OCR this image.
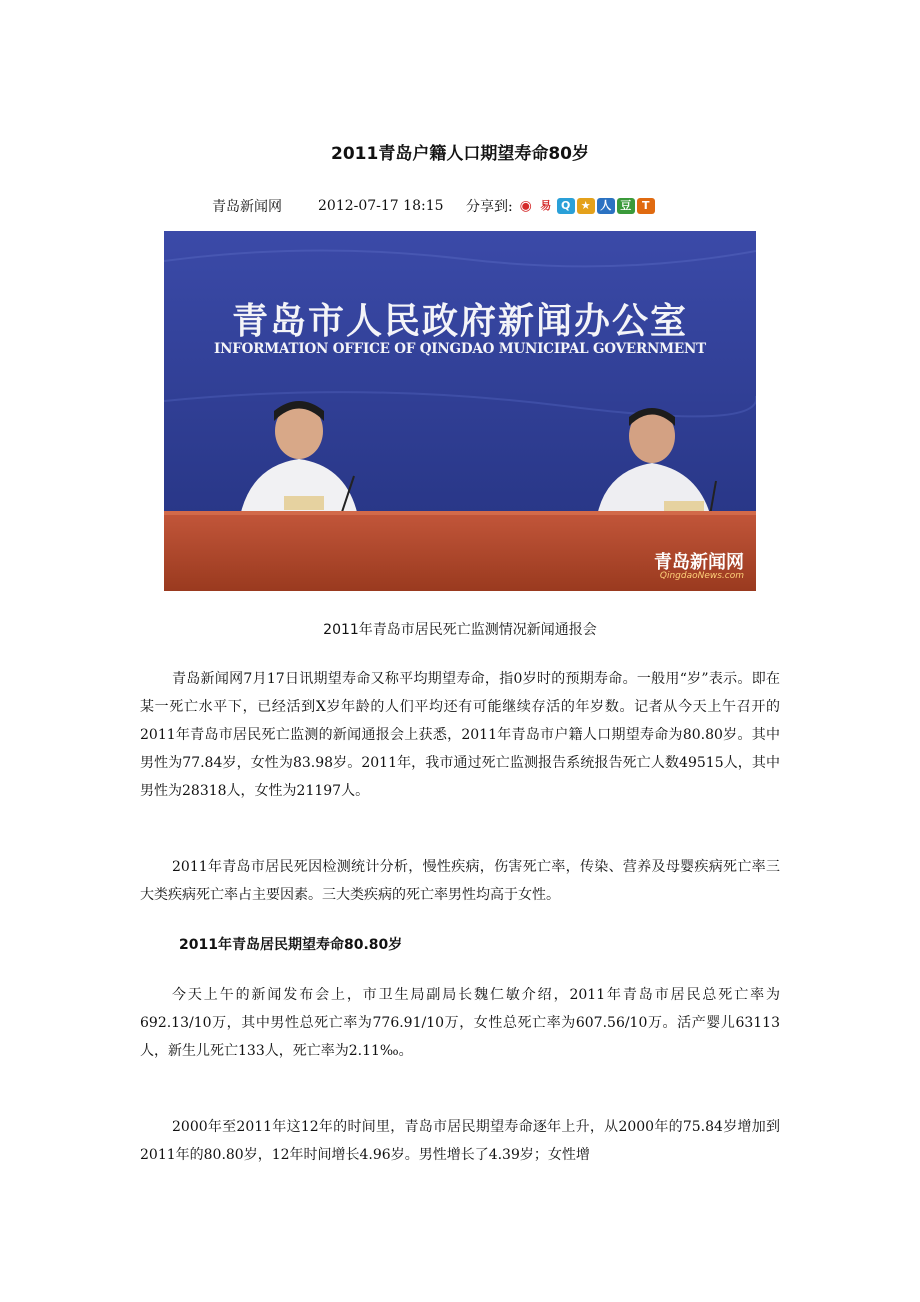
2011青岛户籍人口期望寿命80岁
青岛新闻网	2012-07-17 18:15	分享到: ◉ 易 Q ★ 人 豆 T
青岛市人民政府新闻办公室
INFORMATION OFFICE OF QINGDAO MUNICIPAL GOVERNMENT
青岛新闻网
QingdaoNews.com
2011年青岛市居民死亡监测情况新闻通报会

青岛新闻网7月17日讯期望寿命又称平均期望寿命，指0岁时的预期寿命。一般用“岁”表示。即在某一死亡水平下，已经活到X岁年龄的人们平均还有可能继续存活的年岁数。记者从今天上午召开的2011年青岛市居民死亡监测的新闻通报会上获悉，2011年青岛市户籍人口期望寿命为80.80岁。其中男性为77.84岁，女性为83.98岁。2011年，我市通过死亡监测报告系统报告死亡人数49515人，其中男性为28318人，女性为21197人。

2011年青岛市居民死因检测统计分析，慢性疾病，伤害死亡率，传染、营养及母婴疾病死亡率三大类疾病死亡率占主要因素。三大类疾病的死亡率男性均高于女性。

2011年青岛居民期望寿命80.80岁

今天上午的新闻发布会上，市卫生局副局长魏仁敏介绍，2011年青岛市居民总死亡率为692.13/10万，其中男性总死亡率为776.91/10万，女性总死亡率为607.56/10万。活产婴儿63113人，新生儿死亡133人，死亡率为2.11‰。

2000年至2011年这12年的时间里，青岛市居民期望寿命逐年上升，从2000年的75.84岁增加到2011年的80.80岁，12年时间增长4.96岁。男性增长了4.39岁；女性增
